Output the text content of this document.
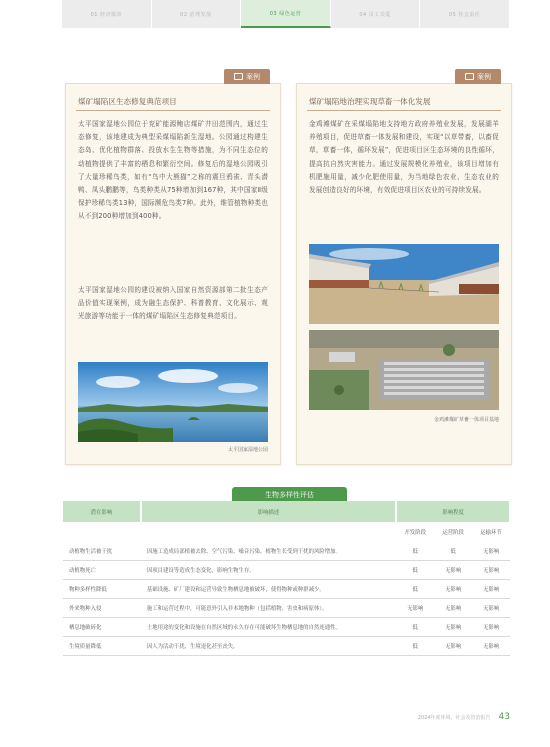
01 经济篇章	02 治理发展	03 绿色运营	04 员工关爱	05 社会责任
案例
煤矿塌陷区生态修复典范项目
太平国家湿地公园位于兖矿能源鲍店煤矿井田范围内，通过生态修复，该地建成为典型采煤塌陷新生湿地。公园通过构建生态岛、优化植物群落、投放水生生物等措施，为不同生态位的动植物提供了丰富的栖息和繁衍空间。修复后的湿地公园吸引了大量珍稀鸟类，如有“鸟中大熊猫”之称的震旦鸦雀、青头潜鸭、凤头鹏鹏等，鸟类种类从75种增加到167种，其中国家Ⅱ级保护珍稀鸟类13种，国际濒危鸟类7种。此外，维管植物种类也从不到200种增加到400种。
太平国家湿地公园的建设被纳入国家自然资源部第二批生态产品价值实现案例，成为融生态保护、科普教育、文化展示、观光旅游等功能于一体的煤矿塌陷区生态修复典范项目。
太平国家湿地公园
案例
煤矿塌陷地治理实现草畜一体化发展
金鸡滩煤矿在采煤塌陷地支持地方政府养殖业发展，发展湖羊养殖项目，促进草畜一体发展和建设，实现“以草带畜，以畜促草，草畜一体，循环发展”，促进项目区生态环境的良性循环，提高抗自然灾害能力。通过发展规模化养殖业，该项目增加有机肥施用量，减少化肥使用量，为当地绿色农业、生态农业的发展创造良好的环境，有效促进项目区农业的可持续发展。
金鸡滩煤矿草畜一体项目基地
生物多样性评估
潜在影响	影响描述	影响程度		
		开发阶段	运营阶段	运输环节
动植物生活被干扰	因施工造成局部植被去除、空气污染、噪音污染、植物生长受到干扰的风险增加。	低	低	无影响
动植物死亡	因项目建设等造成生态变化，影响生物生存。	低	无影响	无影响
物种多样性降低	基础设施、矿厂建设和运营导致生物栖息地被破坏，使得物种或种群减少。	低	无影响	无影响
外来物种入侵	施工和运营过程中，可能意外引入非本地物种（包括植物、害虫和病原体）。	无影响	无影响	无影响
栖息地破碎化	土地用途的变化和设施在自然区域的永久存在可能破坏生物栖息地的自然连通性。	低	无影响	无影响
生境质量降低	因人为活动干扰，生境退化甚至丧失。	低	无影响	无影响
2024年度环境、社会及管治报告 43
